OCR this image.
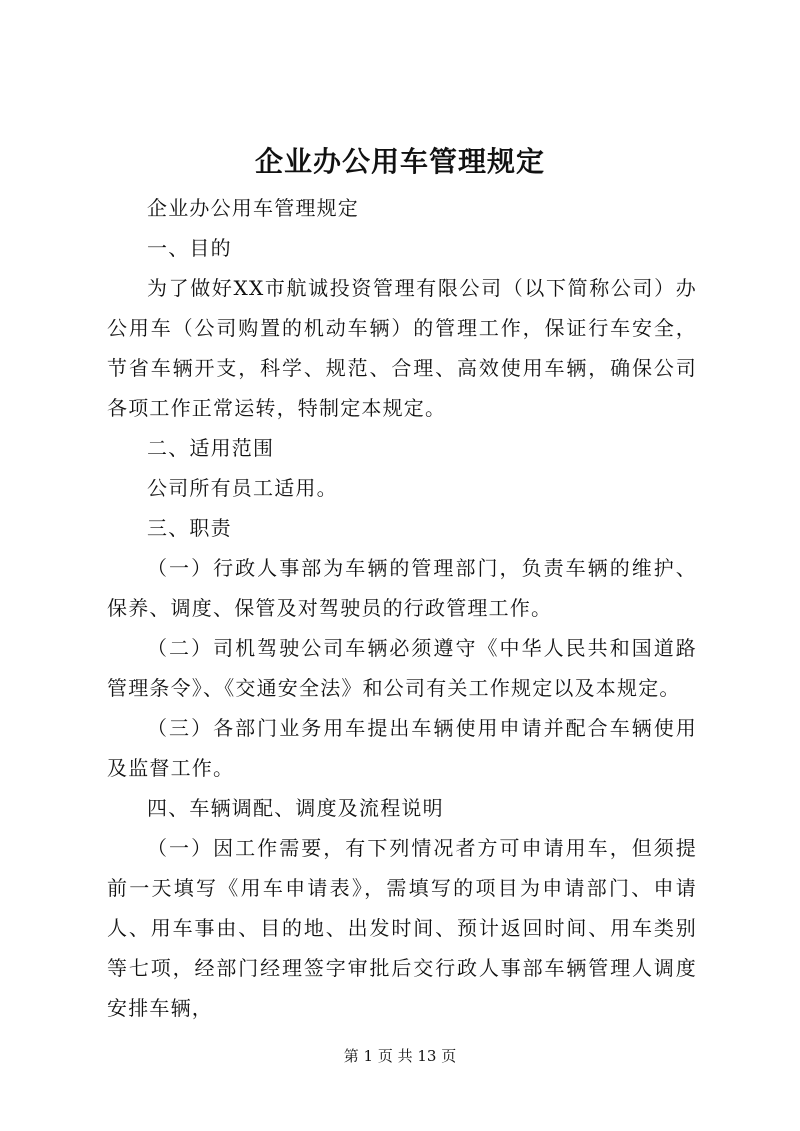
企业办公用车管理规定

企业办公用车管理规定

一、目的

为了做好XX市航诚投资管理有限公司（以下简称公司）办公用车（公司购置的机动车辆）的管理工作，保证行车安全，节省车辆开支，科学、规范、合理、高效使用车辆，确保公司各项工作正常运转，特制定本规定。

二、适用范围

公司所有员工适用。

三、职责

（一）行政人事部为车辆的管理部门，负责车辆的维护、保养、调度、保管及对驾驶员的行政管理工作。

（二）司机驾驶公司车辆必须遵守《中华人民共和国道路管理条令》、《交通安全法》和公司有关工作规定以及本规定。

（三）各部门业务用车提出车辆使用申请并配合车辆使用及监督工作。

四、车辆调配、调度及流程说明

（一）因工作需要，有下列情况者方可申请用车，但须提前一天填写《用车申请表》，需填写的项目为申请部门、申请人、用车事由、目的地、出发时间、预计返回时间、用车类别等七项，经部门经理签字审批后交行政人事部车辆管理人调度安排车辆，

第 1 页 共 13 页
